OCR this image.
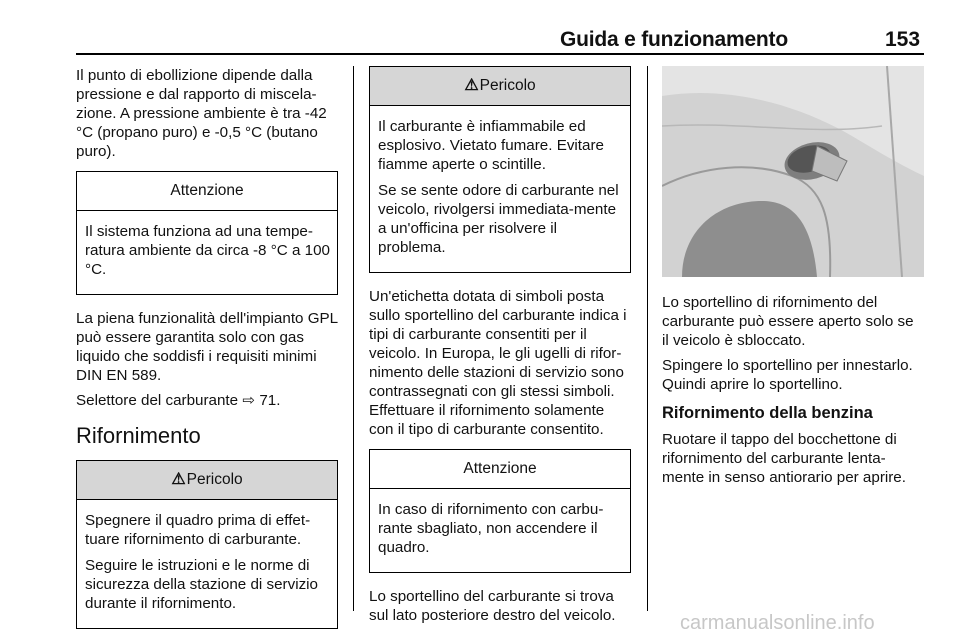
Guida e funzionamento	153

Il punto di ebollizione dipende dalla pressione e dal rapporto di miscela-zione. A pressione ambiente è tra -42 °C (propano puro) e -0,5 °C (butano puro).

Attenzione

Il sistema funziona ad una tempe-ratura ambiente da circa -8 °C a 100 °C.

La piena funzionalità dell'impianto GPL può essere garantita solo con gas liquido che soddisfi i requisiti minimi DIN EN 589.

Selettore del carburante ⇨ 71.

Rifornimento
⚠Pericolo

Spegnere il quadro prima di effet-tuare rifornimento di carburante.

Seguire le istruzioni e le norme di sicurezza della stazione di servizio durante il rifornimento.

⚠Pericolo

Il carburante è infiammabile ed esplosivo. Vietato fumare. Evitare fiamme aperte o scintille.

Se se sente odore di carburante nel veicolo, rivolgersi immediata-mente a un'officina per risolvere il problema.

Un'etichetta dotata di simboli posta sullo sportellino del carburante indica i tipi di carburante consentiti per il veicolo. In Europa, le gli ugelli di rifor-nimento delle stazioni di servizio sono contrassegnati con gli stessi simboli. Effettuare il rifornimento solamente con il tipo di carburante consentito.

Attenzione

In caso di rifornimento con carbu-rante sbagliato, non accendere il quadro.

Lo sportellino del carburante si trova sul lato posteriore destro del veicolo.

Lo sportellino di rifornimento del carburante può essere aperto solo se il veicolo è sbloccato.

Spingere lo sportellino per innestarlo. Quindi aprire lo sportellino.

Rifornimento della benzina

Ruotare il tappo del bocchettone di rifornimento del carburante lenta-mente in senso antiorario per aprire.

carmanualsonline.info
